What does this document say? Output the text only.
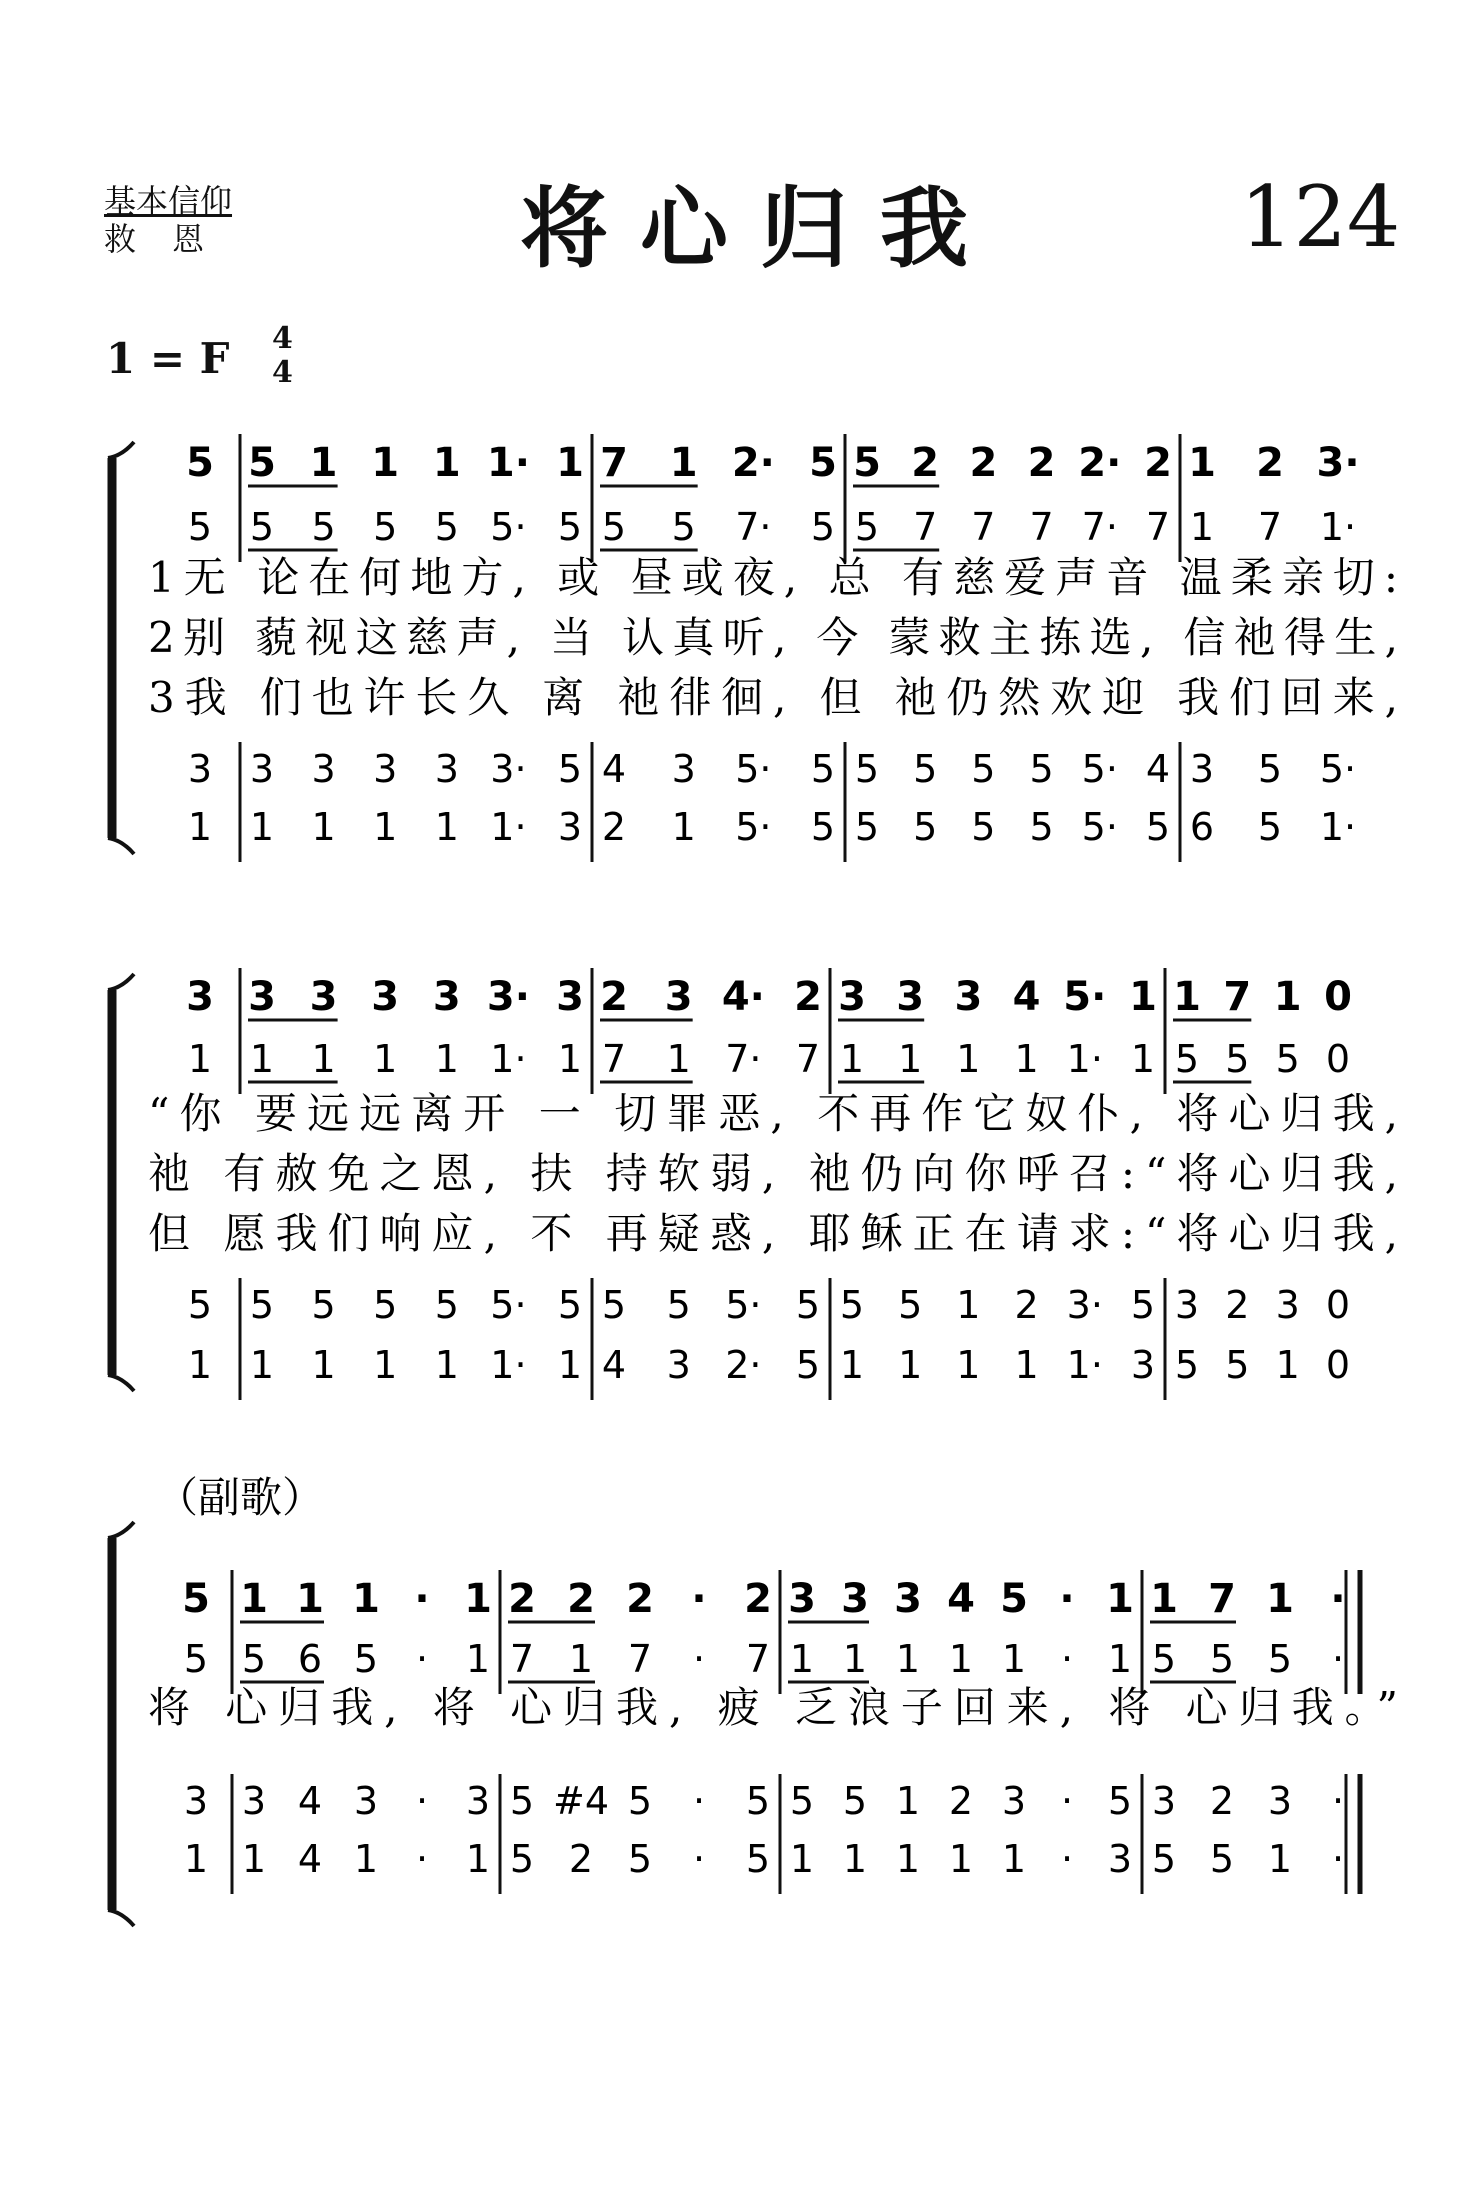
基本信仰
救　恩	将心归我	124
1 = F 4
4
5 5 1 1 1 1· 1 7 1 2· 5 5 2 2 2 2· 2 1 2 3·
5 5 5 5 5 5· 5 5 5 7· 5 5 7 7 7 7· 7 1 7 1·
3 3 3 3 3 3· 5 4 3 5· 5 5 5 5 5 5· 4 3 5 5·
1 1 1 1 1 1· 3 2 1 5· 5 5 5 5 5 5· 5 6 5 1·
1无 论在何地方, 或 昼或夜, 总 有慈爱声音 温柔亲切:
2别 藐视这慈声, 当 认真听, 今 蒙救主拣选, 信祂得生,
3我 们也许长久 离 祂徘徊, 但 祂仍然欢迎 我们回来,
3 3 3 3 3 3· 3 2 3 4· 2 3 3 3 4 5· 1 1 7 1 0
1 1 1 1 1 1· 1 7 1 7· 7 1 1 1 1 1· 1 5 5 5 0
5 5 5 5 5 5· 5 5 5 5· 5 5 5 1 2 3· 5 3 2 3 0
1 1 1 1 1 1· 1 4 3 2· 5 1 1 1 1 1· 3 5 5 1 0
“你 要远远离开 一 切罪恶, 不再作它奴仆, 将心归我,
祂 有赦免之恩, 扶 持软弱, 祂仍向你呼召:“将心归我,
但 愿我们响应, 不 再疑惑, 耶稣正在请求:“将心归我,
5 1 1 1 · 1 2 2 2 · 2 3 3 3 4 5 · 1 1 7 1 ·
5 5 6 5 · 1 7 1 7 · 7 1 1 1 1 1 · 1 5 5 5 ·
3 3 4 3 · 3 5 #4 5 · 5 5 5 1 2 3 · 5 3 2 3 ·
1 1 4 1 · 1 5 2 5 · 5 1 1 1 1 1 · 3 5 5 1 ·
将 心归我, 将 心归我, 疲 乏浪子回来, 将 心归我。”
（副歌）
